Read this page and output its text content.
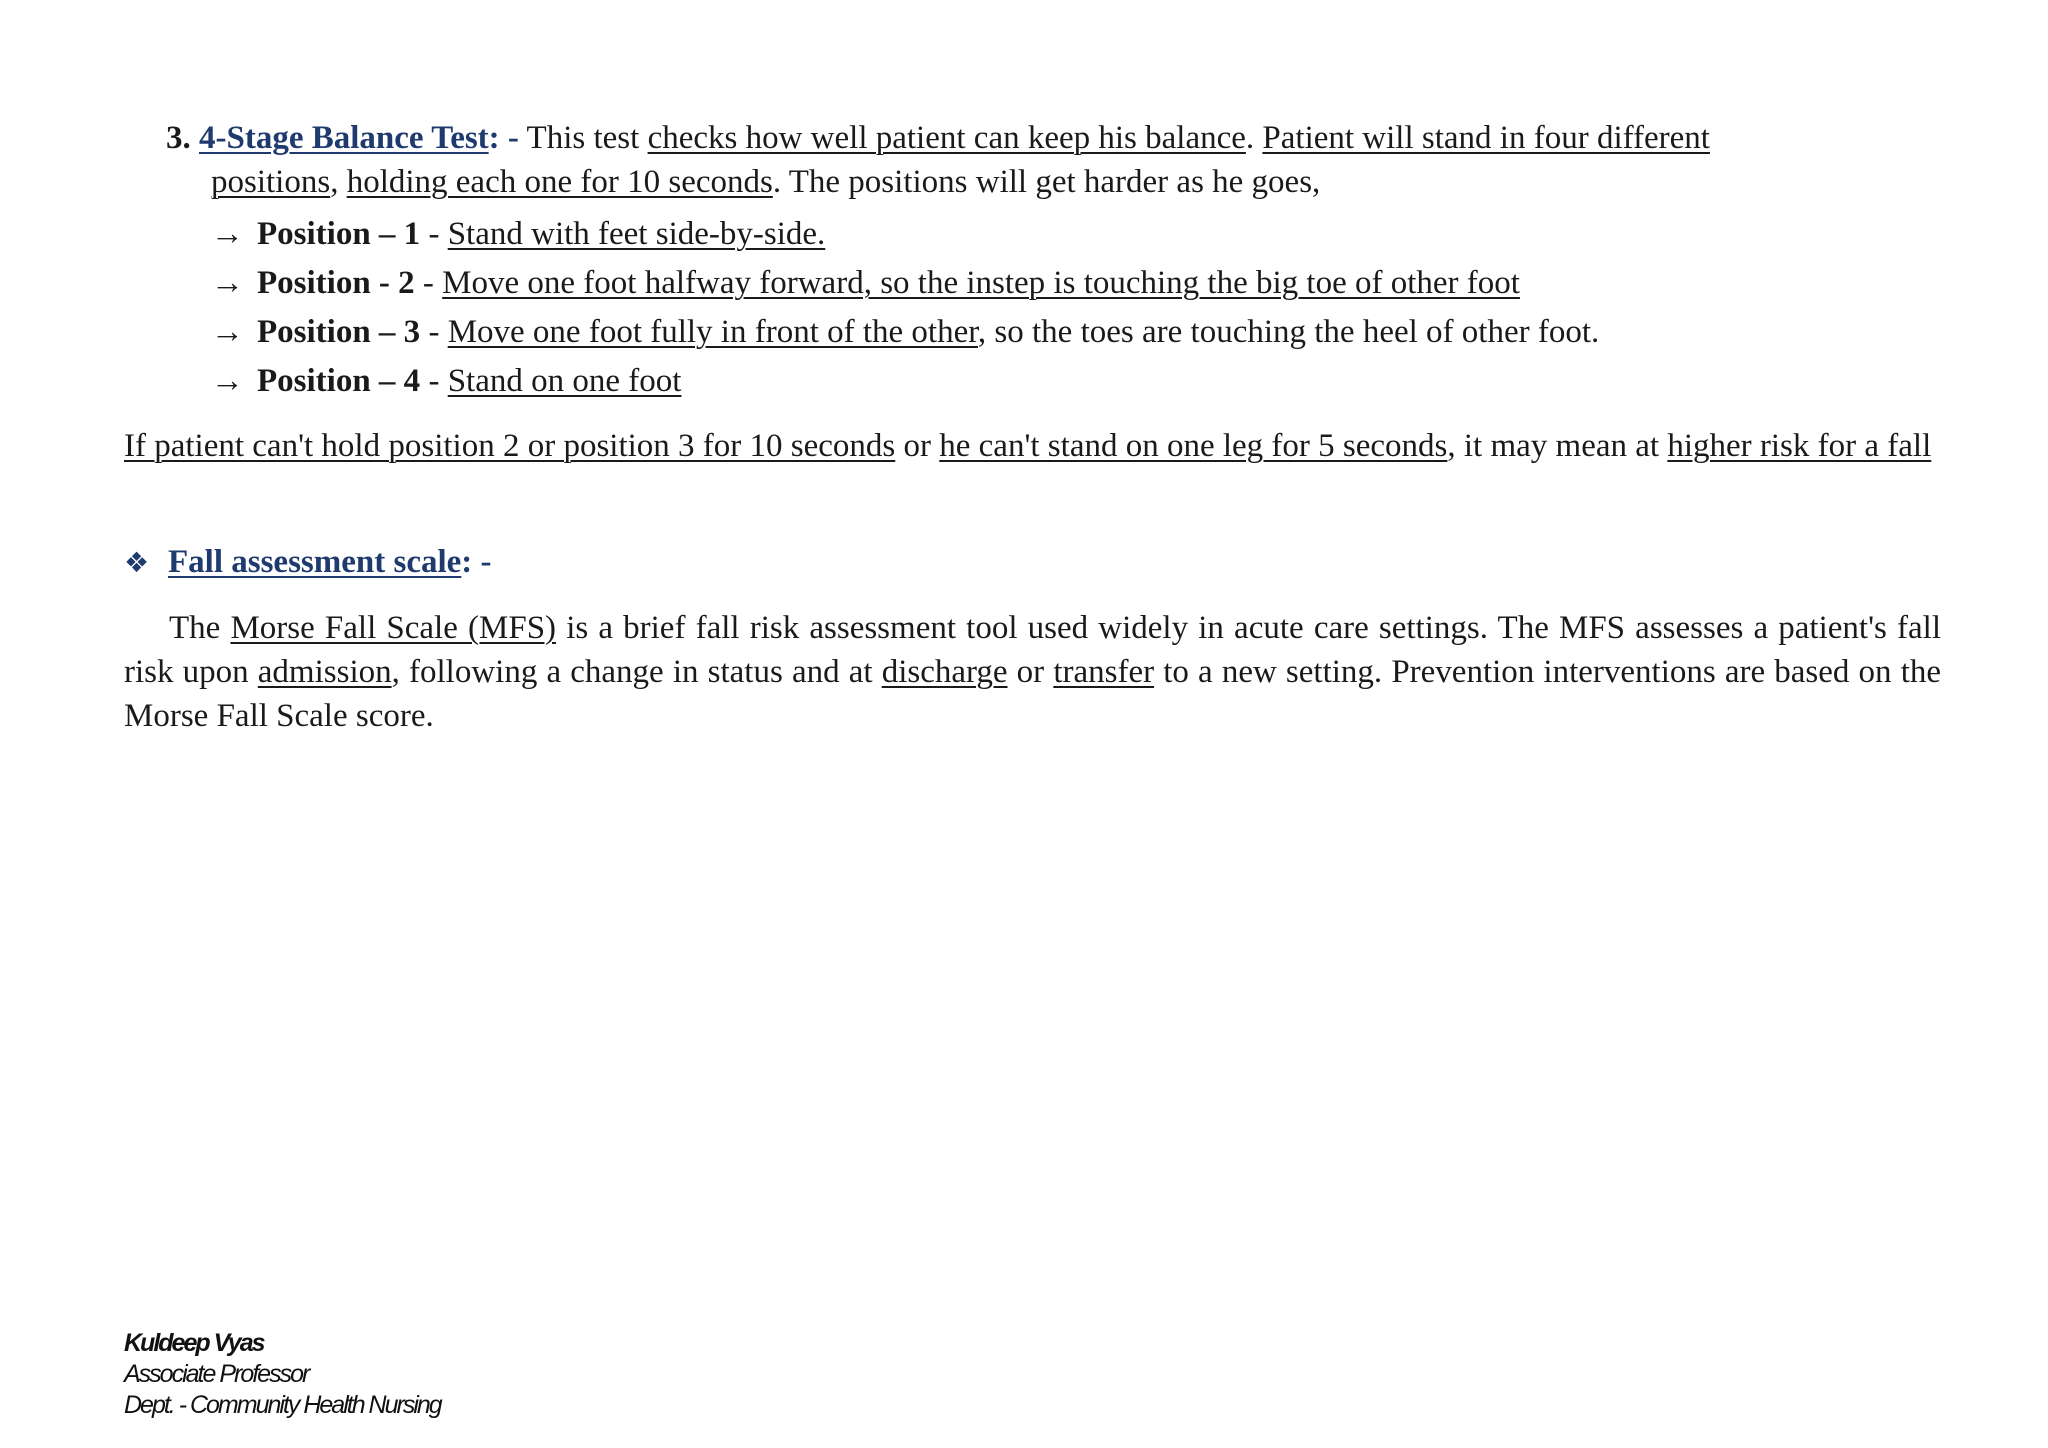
3. 4-Stage Balance Test: - This test checks how well patient can keep his balance. Patient will stand in four different
positions, holding each one for 10 seconds. The positions will get harder as he goes,
→ Position – 1 - Stand with feet side-by-side.
→ Position - 2 - Move one foot halfway forward, so the instep is touching the big toe of other foot
→ Position – 3 - Move one foot fully in front of the other, so the toes are touching the heel of other foot.
→ Position – 4 - Stand on one foot
If patient can't hold position 2 or position 3 for 10 seconds or he can't stand on one leg for 5 seconds, it may mean at higher risk for a fall
❖ Fall assessment scale: -
The Morse Fall Scale (MFS) is a brief fall risk assessment tool used widely in acute care settings. The MFS assesses a patient's fall risk upon admission, following a change in status and at discharge or transfer to a new setting. Prevention interventions are based on the Morse Fall Scale score.
Kuldeep Vyas
Associate Professor
Dept. - Community Health Nursing
